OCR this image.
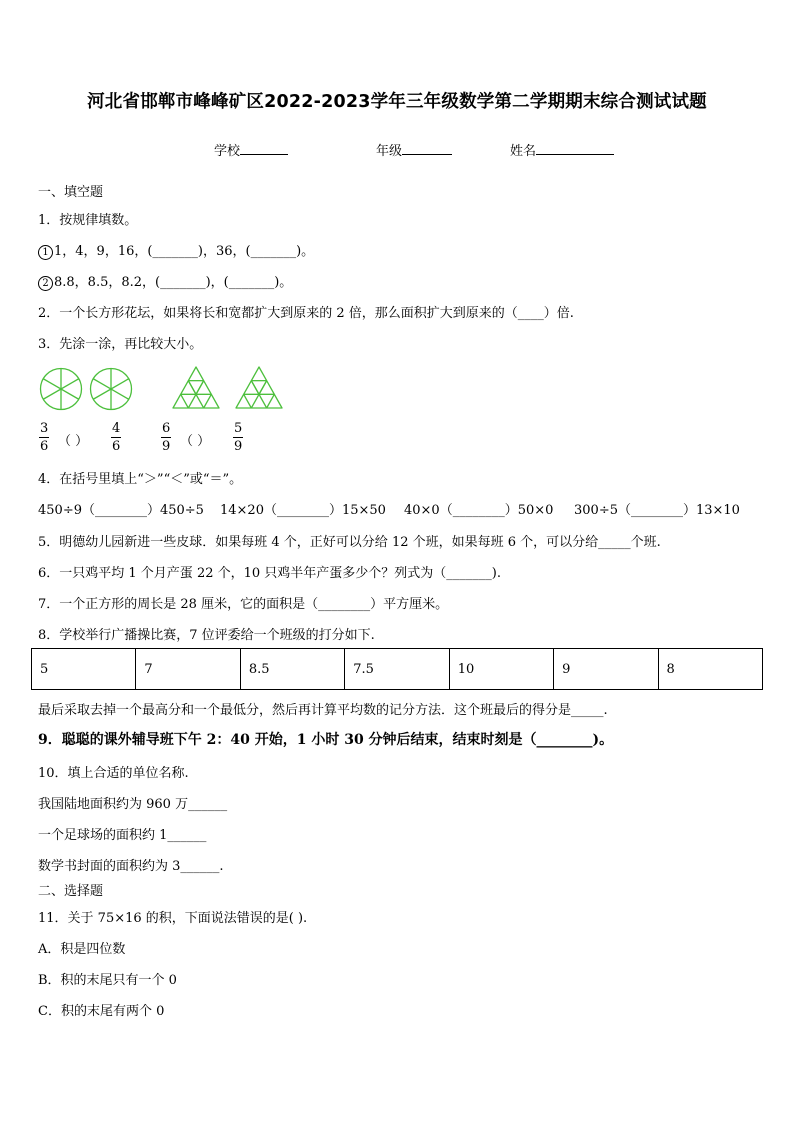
河北省邯郸市峰峰矿区2022-2023学年三年级数学第二学期期末综合测试试题
学校	年级	姓名
一、填空题
1．按规律填数。
1 1，4，9，16，(_______)，36，(_______)。
2 8.8，8.5，8.2，(_______)，(_______)。
2．一个长方形花坛，如果将长和宽都扩大到原来的 2 倍，那么面积扩大到原来的（____）倍.
3．先涂一涂，再比较大小。
$\frac{3}{6}$ （ ） $\frac{4}{6}$	$\frac{6}{9}$ （ ） $\frac{5}{9}$
4．在括号里填上“＞”“＜”或“＝”。
450÷9（________）450÷5 14×20（________）15×50 40×0（________）50×0 300÷5（________）13×10
5．明德幼儿园新进一些皮球．如果每班 4 个，正好可以分给 12 个班，如果每班 6 个，可以分给_____个班.
6．一只鸡平均 1 个月产蛋 22 个，10 只鸡半年产蛋多少个？列式为（_______).
7．一个正方形的周长是 28 厘米，它的面积是（________）平方厘米。
8．学校举行广播操比赛，7 位评委给一个班级的打分如下.
5	7	8.5	7.5	10	9	8
最后采取去掉一个最高分和一个最低分，然后再计算平均数的记分方法．这个班最后的得分是_____.
9．聪聪的课外辅导班下午 2：40 开始，1 小时 30 分钟后结束，结束时刻是（________)。
10．填上合适的单位名称.
我国陆地面积约为 960 万______
一个足球场的面积约 1______
数学书封面的面积约为 3______.
二、选择题
11．关于 75×16 的积，下面说法错误的是( ).
A．积是四位数
B．积的末尾只有一个 0
C．积的末尾有两个 0
